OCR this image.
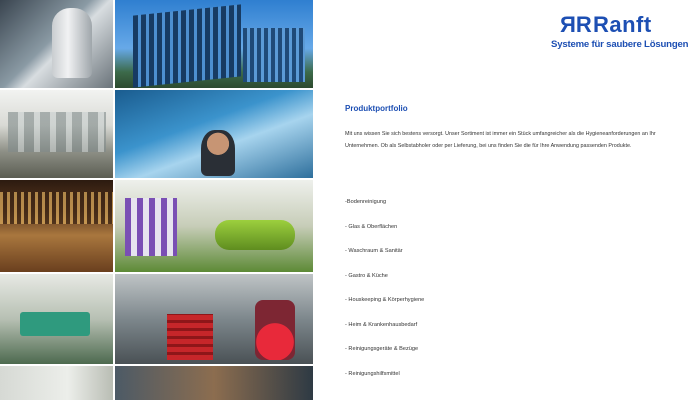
RR Ranft
Systeme für saubere Lösungen
Produktportfolio
Mit uns wissen Sie sich bestens versorgt. Unser Sortiment ist immer ein Stück umfangreicher als die Hygieneanforderungen an Ihr Unternehmen. Ob als Selbstabholer oder per Lieferung, bei uns finden Sie die für Ihre Anwendung passenden Produkte.
-Bodenreinigung
- Glas & Oberflächen
- Waschraum & Sanitär
- Gastro & Küche
- Houskeeping & Körperhygiene
- Heim & Krankenhausbedarf
- Reinigungsgeräte & Bezüge
- Reinigungshilfsmittel
